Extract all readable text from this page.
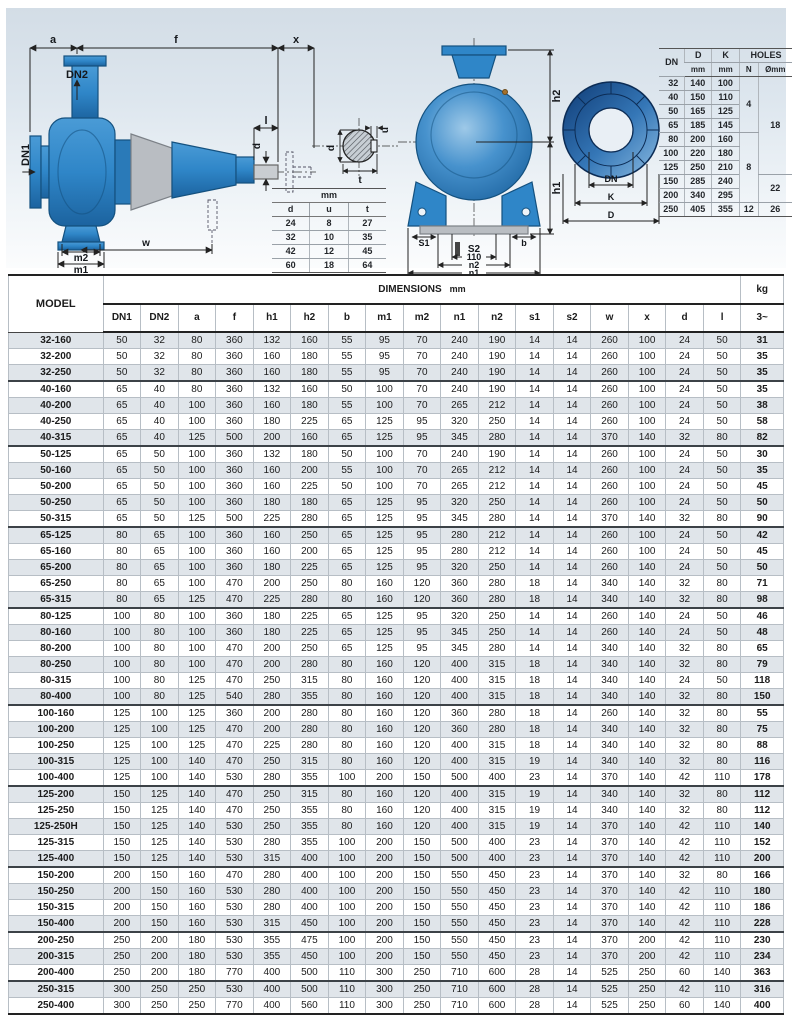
a	f	x
DN2
DN1
l
d
m2
m1
w
d
u
t
mm		
d	u	t
24	8	27
32	10	35
42	12	45
60	18	64
h2
h1
S1	b
S2
110
n2
n1
DN
K
D
DN	D	K	HOLES	
	mm	mm	N	Ømm
32	140	100	4	18
40	150	110		
50	165	125		
65	185	145		
80	200	160	8	
100	220	180		
125	250	210		
150	285	240		22
200	340	295		
250	405	355	12	26
MODEL	DIMENSIONS mm																	kg
	DN1	DN2	a	f	h1	h2	b	m1	m2	n1	n2	s1	s2	w	x	d	l	3~
32-160	50	32	80	360	132	160	55	95	70	240	190	14	14	260	100	24	50	31
32-200	50	32	80	360	160	180	55	95	70	240	190	14	14	260	100	24	50	35
32-250	50	32	80	360	160	180	55	95	70	240	190	14	14	260	100	24	50	35
40-160	65	40	80	360	132	160	50	100	70	240	190	14	14	260	100	24	50	35
40-200	65	40	100	360	160	180	55	100	70	265	212	14	14	260	100	24	50	38
40-250	65	40	100	360	180	225	65	125	95	320	250	14	14	260	100	24	50	58
40-315	65	40	125	500	200	160	65	125	95	345	280	14	14	370	140	32	80	82
50-125	65	50	100	360	132	180	50	100	70	240	190	14	14	260	100	24	50	30
50-160	65	50	100	360	160	200	55	100	70	265	212	14	14	260	100	24	50	35
50-200	65	50	100	360	160	225	50	100	70	265	212	14	14	260	100	24	50	45
50-250	65	50	100	360	180	180	65	125	95	320	250	14	14	260	100	24	50	50
50-315	65	50	125	500	225	280	65	125	95	345	280	14	14	370	140	32	80	90
65-125	80	65	100	360	160	250	65	125	95	280	212	14	14	260	100	24	50	42
65-160	80	65	100	360	160	200	65	125	95	280	212	14	14	260	100	24	50	45
65-200	80	65	100	360	180	225	65	125	95	320	250	14	14	260	140	24	50	50
65-250	80	65	100	470	200	250	80	160	120	360	280	18	14	340	140	32	80	71
65-315	80	65	125	470	225	280	80	160	120	360	280	18	14	340	140	32	80	98
80-125	100	80	100	360	180	225	65	125	95	320	250	14	14	260	140	24	50	46
80-160	100	80	100	360	180	225	65	125	95	345	250	14	14	260	140	24	50	48
80-200	100	80	100	470	200	250	65	125	95	345	280	14	14	340	140	32	80	65
80-250	100	80	100	470	200	280	80	160	120	400	315	18	14	340	140	32	80	79
80-315	100	80	125	470	250	315	80	160	120	400	315	18	14	340	140	24	50	118
80-400	100	80	125	540	280	355	80	160	120	400	315	18	14	340	140	32	80	150
100-160	125	100	125	360	200	280	80	160	120	360	280	18	14	260	140	32	80	55
100-200	125	100	125	470	200	280	80	160	120	360	280	18	14	340	140	32	80	75
100-250	125	100	125	470	225	280	80	160	120	400	315	18	14	340	140	32	80	88
100-315	125	100	140	470	250	315	80	160	120	400	315	19	14	340	140	32	80	116
100-400	125	100	140	530	280	355	100	200	150	500	400	23	14	370	140	42	110	178
125-200	150	125	140	470	250	315	80	160	120	400	315	19	14	340	140	32	80	112
125-250	150	125	140	470	250	355	80	160	120	400	315	19	14	340	140	32	80	112
125-250H	150	125	140	530	250	355	80	160	120	400	315	19	14	370	140	42	110	140
125-315	150	125	140	530	280	355	100	200	150	500	400	23	14	370	140	42	110	152
125-400	150	125	140	530	315	400	100	200	150	500	400	23	14	370	140	42	110	200
150-200	200	150	160	470	280	400	100	200	150	550	450	23	14	370	140	32	80	166
150-250	200	150	160	530	280	400	100	200	150	550	450	23	14	370	140	42	110	180
150-315	200	150	160	530	280	400	100	200	150	550	450	23	14	370	140	42	110	186
150-400	200	150	160	530	315	450	100	200	150	550	450	23	14	370	140	42	110	228
200-250	250	200	180	530	355	475	100	200	150	550	450	23	14	370	200	42	110	230
200-315	250	200	180	530	355	450	100	200	150	550	450	23	14	370	200	42	110	234
200-400	250	200	180	770	400	500	110	300	250	710	600	28	14	525	250	60	140	363
250-315	300	250	250	530	400	500	110	300	250	710	600	28	14	525	250	42	110	316
250-400	300	250	250	770	400	560	110	300	250	710	600	28	14	525	250	60	140	400
